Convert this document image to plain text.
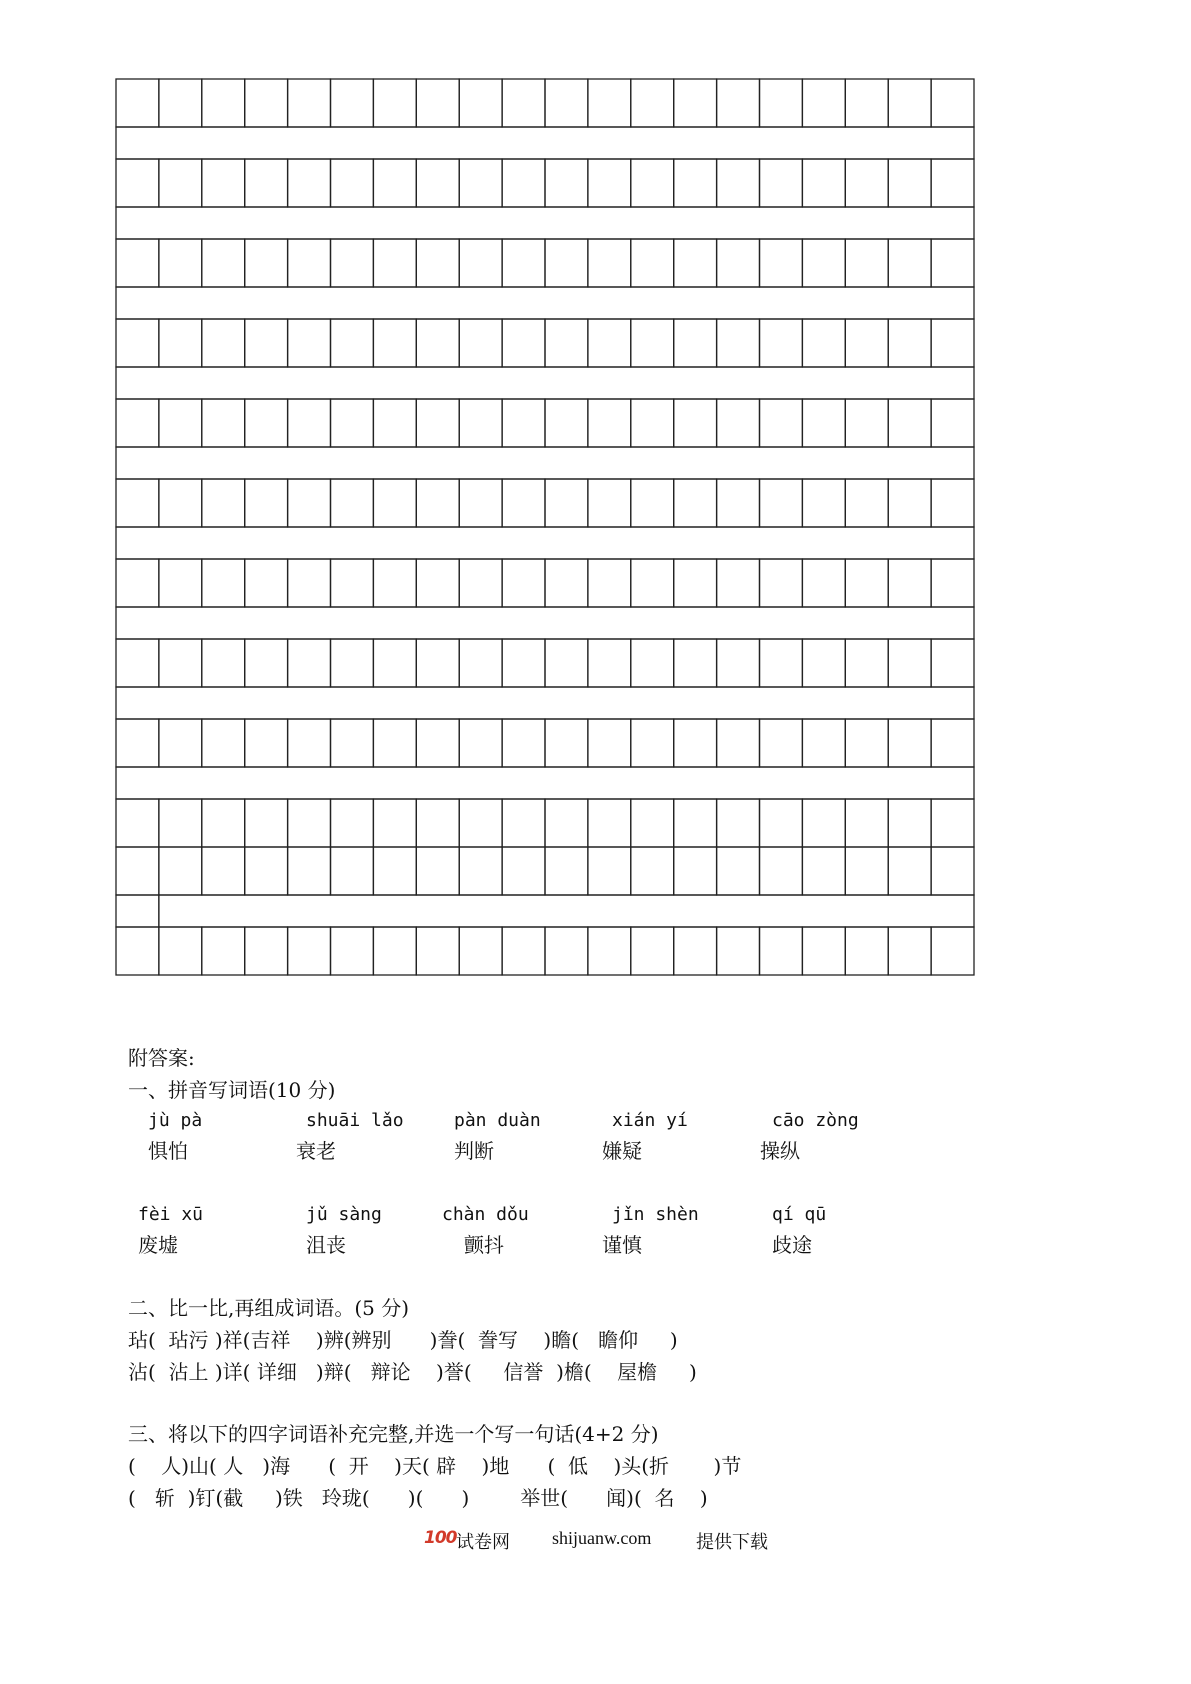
附答案:
一、拼音写词语(10 分)
jù pà	shuāi lǎo	pàn duàn	xián yí	cāo zòng
惧怕	衰老	判断	嫌疑	操纵
fèi xū	jǔ sàng	chàn dǒu	jǐn shèn	qí qū
废墟	沮丧	颤抖	谨慎	歧途
二、比一比,再组成词语。(5 分)
玷(  玷污 )祥(吉祥    )辨(辨别      )誊(  誊写    )瞻(   瞻仰     )
沾(  沾上 )详( 详细   )辩(   辩论    )誉(     信誉  )檐(    屋檐     )
三、将以下的四字词语补充完整,并选一个写一句话(4+2 分)
(    人)山( 人   )海      (  开    )天( 辟    )地      (  低    )头(折       )节
(   斩  )钉(截     )铁   玲珑(      )(      )        举世(      闻)(  名    )
100 试卷网 shijuanw.com 提供下载
